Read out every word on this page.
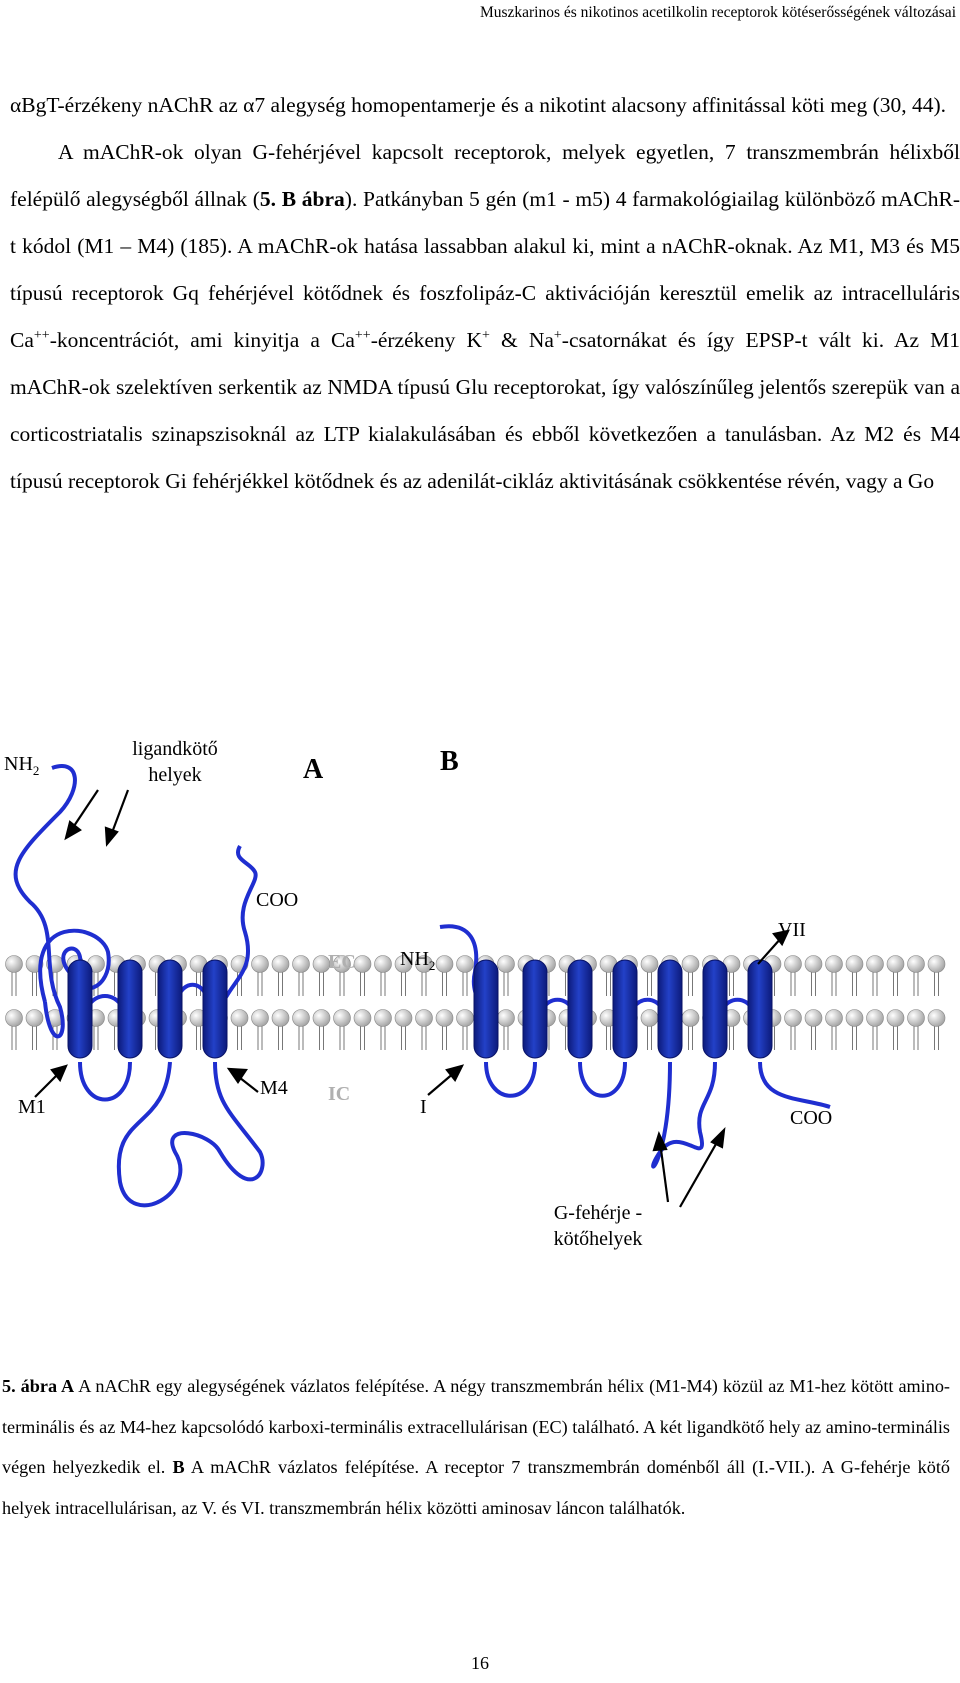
Muszkarinos és nikotinos acetilkolin receptorok kötéserősségének változásai

αBgT-érzékeny nAChR az α7 alegység homopentamerje és a nikotint alacsony affinitással köti meg (30, 44).

A mAChR-ok olyan G-fehérjével kapcsolt receptorok, melyek egyetlen, 7 transzmembrán hélixből felépülő alegységből állnak (5. B ábra). Patkányban 5 gén (m1 - m5) 4 farmakológiailag különböző mAChR-t kódol (M1 – M4) (185). A mAChR-ok hatása lassabban alakul ki, mint a nAChR-oknak. Az M1, M3 és M5 típusú receptorok Gq fehérjével kötődnek és foszfolipáz-C aktivációján keresztül emelik az intracelluláris Ca++-koncentrációt, ami kinyitja a Ca++-érzékeny K+ & Na+-csatornákat és így EPSP-t vált ki. Az M1 mAChR-ok szelektíven serkentik az NMDA típusú Glu receptorokat, így valószínűleg jelentős szerepük van a corticostriatalis szinapszisoknál az LTP kialakulásában és ebből következően a tanulásban. Az M2 és M4 típusú receptorok Gi fehérjékkel kötődnek és az adenilát-cikláz aktivitásának csökkentése révén, vagy a Go

$NH_2$	A	B
ligandkötő
helyek
COO
EC $NH_2$
VII
M1
M4 IC
I	COO
G-fehérje -
kötőhelyek

5. ábra A A nAChR egy alegységének vázlatos felépítése. A négy transzmembrán hélix (M1-M4) közül az M1-hez kötött amino-terminális és az M4-hez kapcsolódó karboxi-terminális extracellulárisan (EC) található. A két ligandkötő hely az amino-terminális végen helyezkedik el. B A mAChR vázlatos felépítése. A receptor 7 transzmembrán doménből áll (I.-VII.). A G-fehérje kötő helyek intracellulárisan, az V. és VI. transzmembrán hélix közötti aminosav láncon találhatók.

16
